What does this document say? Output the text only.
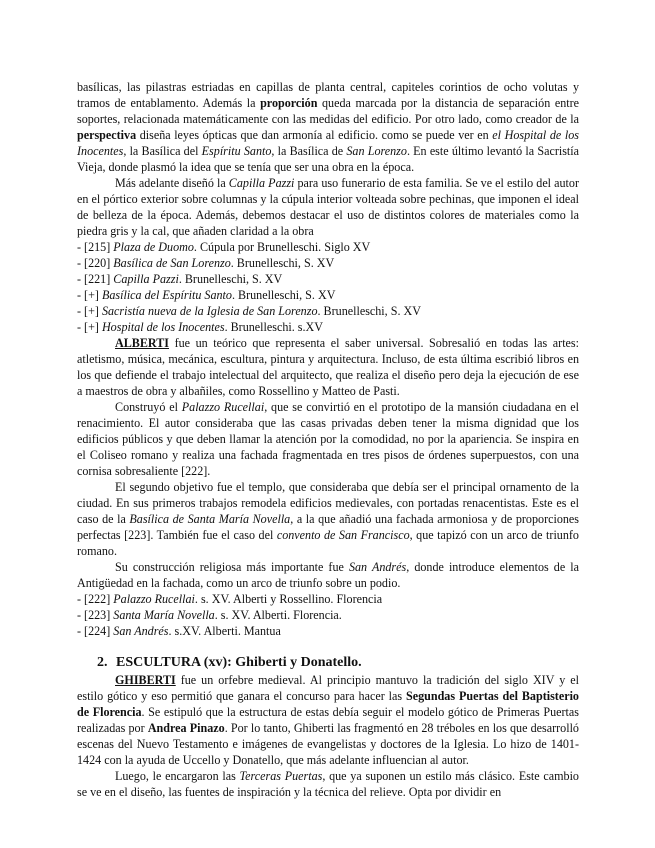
basílicas, las pilastras estriadas en capillas de planta central, capiteles corintios de ocho volutas y tramos de entablamento. Además la proporción queda marcada por la distancia de separación entre soportes, relacionada matemáticamente con las medidas del edificio. Por otro lado, como creador de la perspectiva diseña leyes ópticas que dan armonía al edificio. como se puede ver en el Hospital de los Inocentes, la Basílica del Espíritu Santo, la Basílica de San Lorenzo. En este último levantó la Sacristía Vieja, donde plasmó la idea que se tenía que ser una obra en la época.

Más adelante diseñó la Capilla Pazzi para uso funerario de esta familia. Se ve el estilo del autor en el pórtico exterior sobre columnas y la cúpula interior volteada sobre pechinas, que imponen el ideal de belleza de la época. Además, debemos destacar el uso de distintos colores de materiales como la piedra gris y la cal, que añaden claridad a la obra

- [215] Plaza de Duomo. Cúpula por Brunelleschi. Siglo XV

- [220] Basílica de San Lorenzo. Brunelleschi, S. XV

- [221] Capilla Pazzi. Brunelleschi, S. XV

- [+] Basílica del Espíritu Santo. Brunelleschi, S. XV

- [+] Sacristía nueva de la Iglesia de San Lorenzo. Brunelleschi, S. XV

- [+] Hospital de los Inocentes. Brunelleschi. s.XV

ALBERTI fue un teórico que representa el saber universal. Sobresalió en todas las artes: atletismo, música, mecánica, escultura, pintura y arquitectura. Incluso, de esta última escribió libros en los que defiende el trabajo intelectual del arquitecto, que realiza el diseño pero deja la ejecución de ese a maestros de obra y albañiles, como Rossellino y Matteo de Pasti.

Construyó el Palazzo Rucellai, que se convirtió en el prototipo de la mansión ciudadana en el renacimiento. El autor consideraba que las casas privadas deben tener la misma dignidad que los edificios públicos y que deben llamar la atención por la comodidad, no por la apariencia. Se inspira en el Coliseo romano y realiza una fachada fragmentada en tres pisos de órdenes superpuestos, con una cornisa sobresaliente [222].

El segundo objetivo fue el templo, que consideraba que debía ser el principal ornamento de la ciudad. En sus primeros trabajos remodela edificios medievales, con portadas renacentistas. Este es el caso de la Basílica de Santa María Novella, a la que añadió una fachada armoniosa y de proporciones perfectas [223]. También fue el caso del convento de San Francisco, que tapizó con un arco de triunfo romano.

Su construcción religiosa más importante fue San Andrés, donde introduce elementos de la Antigüedad en la fachada, como un arco de triunfo sobre un podio.

- [222] Palazzo Rucellai. s. XV. Alberti y Rossellino. Florencia

- [223] Santa María Novella. s. XV. Alberti. Florencia.

- [224] San Andrés. s.XV. Alberti. Mantua

2. ESCULTURA (xv): Ghiberti y Donatello.

GHIBERTI fue un orfebre medieval. Al principio mantuvo la tradición del siglo XIV y el estilo gótico y eso permitió que ganara el concurso para hacer las Segundas Puertas del Baptisterio de Florencia. Se estipuló que la estructura de estas debía seguir el modelo gótico de Primeras Puertas realizadas por Andrea Pinazo. Por lo tanto, Ghiberti las fragmentó en 28 tréboles en los que desarrolló escenas del Nuevo Testamento e imágenes de evangelistas y doctores de la Iglesia. Lo hizo de 1401-1424 con la ayuda de Uccello y Donatello, que más adelante influencian al autor.

Luego, le encargaron las Terceras Puertas, que ya suponen un estilo más clásico. Este cambio se ve en el diseño, las fuentes de inspiración y la técnica del relieve. Opta por dividir en
